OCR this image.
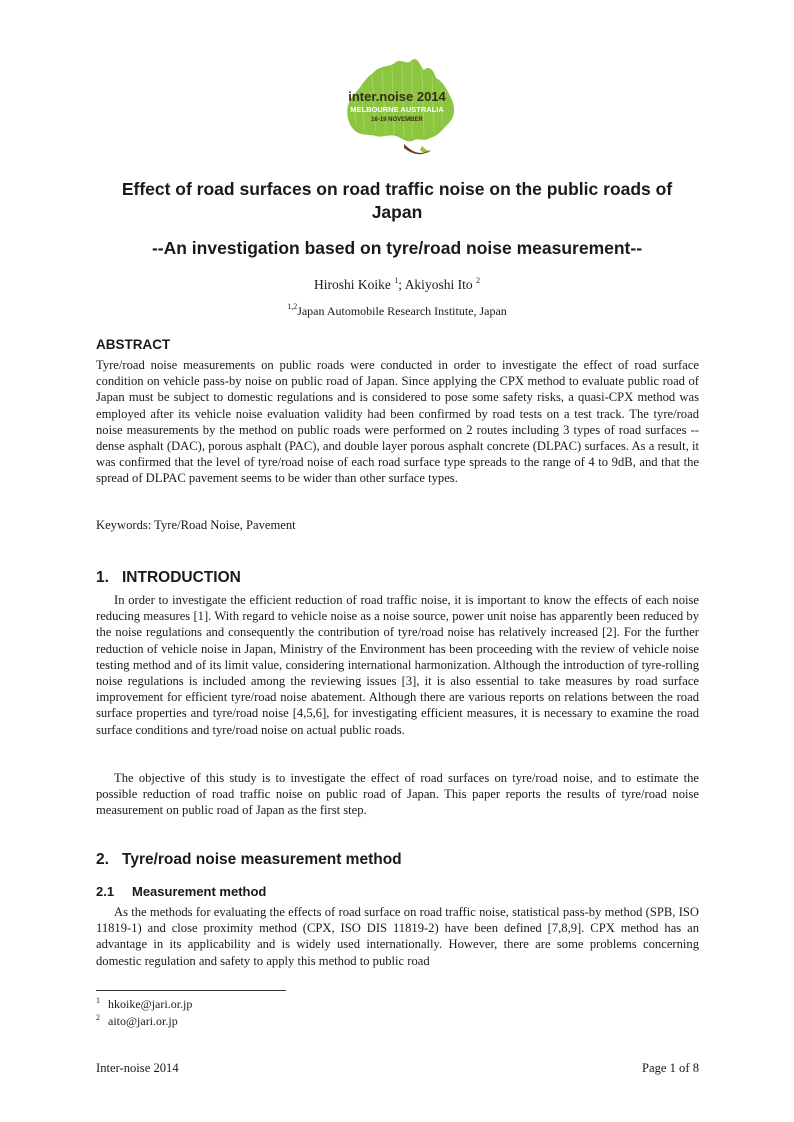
inter.noise 2014
MELBOURNE AUSTRALIA
16-19 NOVEMBER
Effect of road surfaces on road traffic noise on the public roads of Japan
--An investigation based on tyre/road noise measurement--
Hiroshi Koike $^1$; Akiyoshi Ito $^2$
$^{1,2}$Japan Automobile Research Institute, Japan
ABSTRACT

Tyre/road noise measurements on public roads were conducted in order to investigate the effect of road surface condition on vehicle pass-by noise on public road of Japan. Since applying the CPX method to evaluate public road of Japan must be subject to domestic regulations and is considered to pose some safety risks, a quasi-CPX method was employed after its vehicle noise evaluation validity had been confirmed by road tests on a test track. The tyre/road noise measurements by the method on public roads were performed on 2 routes including 3 types of road surfaces -- dense asphalt (DAC), porous asphalt (PAC), and double layer porous asphalt concrete (DLPAC) surfaces. As a result, it was confirmed that the level of tyre/road noise of each road surface type spreads to the range of 4 to 9dB, and that the spread of DLPAC pavement seems to be wider than other surface types.

Keywords: Tyre/Road Noise, Pavement
1. INTRODUCTION

In order to investigate the efficient reduction of road traffic noise, it is important to know the effects of each noise reducing measures [1]. With regard to vehicle noise as a noise source, power unit noise has apparently been reduced by the noise regulations and consequently the contribution of tyre/road noise has relatively increased [2]. For the further reduction of vehicle noise in Japan, Ministry of the Environment has been proceeding with the review of vehicle noise testing method and of its limit value, considering international harmonization. Although the introduction of tyre-rolling noise regulations is included among the reviewing issues [3], it is also essential to take measures by road surface improvement for efficient tyre/road noise abatement. Although there are various reports on relations between the road surface properties and tyre/road noise [4,5,6], for investigating efficient measures, it is necessary to examine the road surface conditions and tyre/road noise on actual public roads.

The objective of this study is to investigate the effect of road surfaces on tyre/road noise, and to estimate the possible reduction of road traffic noise on public road of Japan. This paper reports the results of tyre/road noise measurement on public road of Japan as the first step.

2. Tyre/road noise measurement method
2.1 Measurement method

As the methods for evaluating the effects of road surface on road traffic noise, statistical pass-by method (SPB, ISO 11819-1) and close proximity method (CPX, ISO DIS 11819-2) have been defined [7,8,9]. CPX method has an advantage in its applicability and is widely used internationally. However, there are some problems concerning domestic regulation and safety to apply this method to public road

$^1$ hkoike@jari.or.jp
$^2$ aito@jari.or.jp
Inter-noise 2014	Page 1 of 8
